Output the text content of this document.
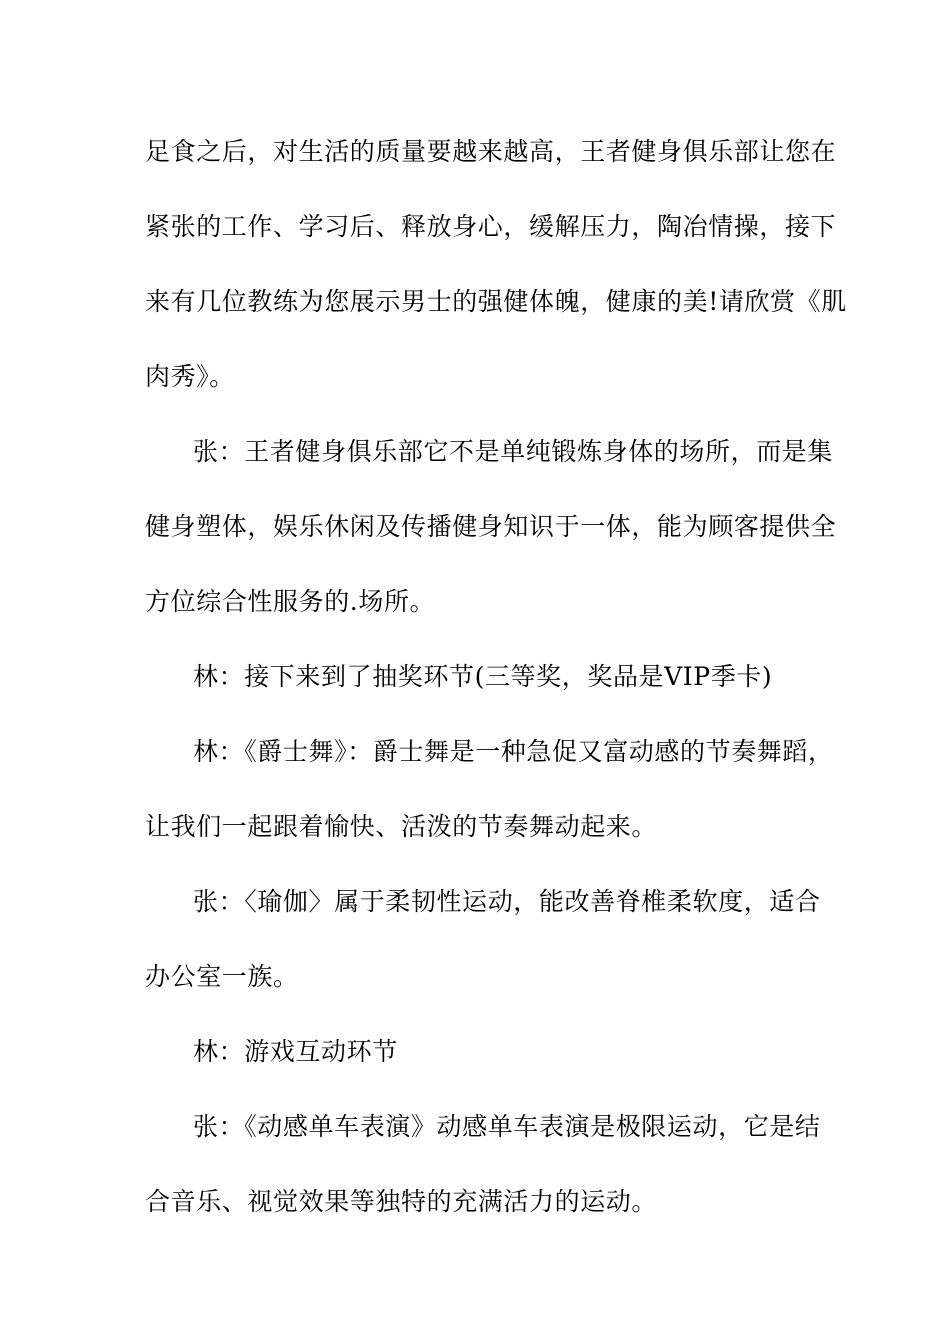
足食之后，对生活的质量要越来越高，王者健身俱乐部让您在
紧张的工作、学习后、释放身心，缓解压力，陶冶情操，接下
来有几位教练为您展示男士的强健体魄，健康的美!请欣赏《肌
肉秀》。
张：王者健身俱乐部它不是单纯锻炼身体的场所，而是集
健身塑体，娱乐休闲及传播健身知识于一体，能为顾客提供全
方位综合性服务的.场所。
林：接下来到了抽奖环节(三等奖，奖品是VIP季卡)
林：《爵士舞》：爵士舞是一种急促又富动感的节奏舞蹈，
让我们一起跟着愉快、活泼的节奏舞动起来。
张：〈瑜伽〉属于柔韧性运动，能改善脊椎柔软度，适合
办公室一族。
林：游戏互动环节
张：《动感单车表演》动感单车表演是极限运动，它是结
合音乐、视觉效果等独特的充满活力的运动。
